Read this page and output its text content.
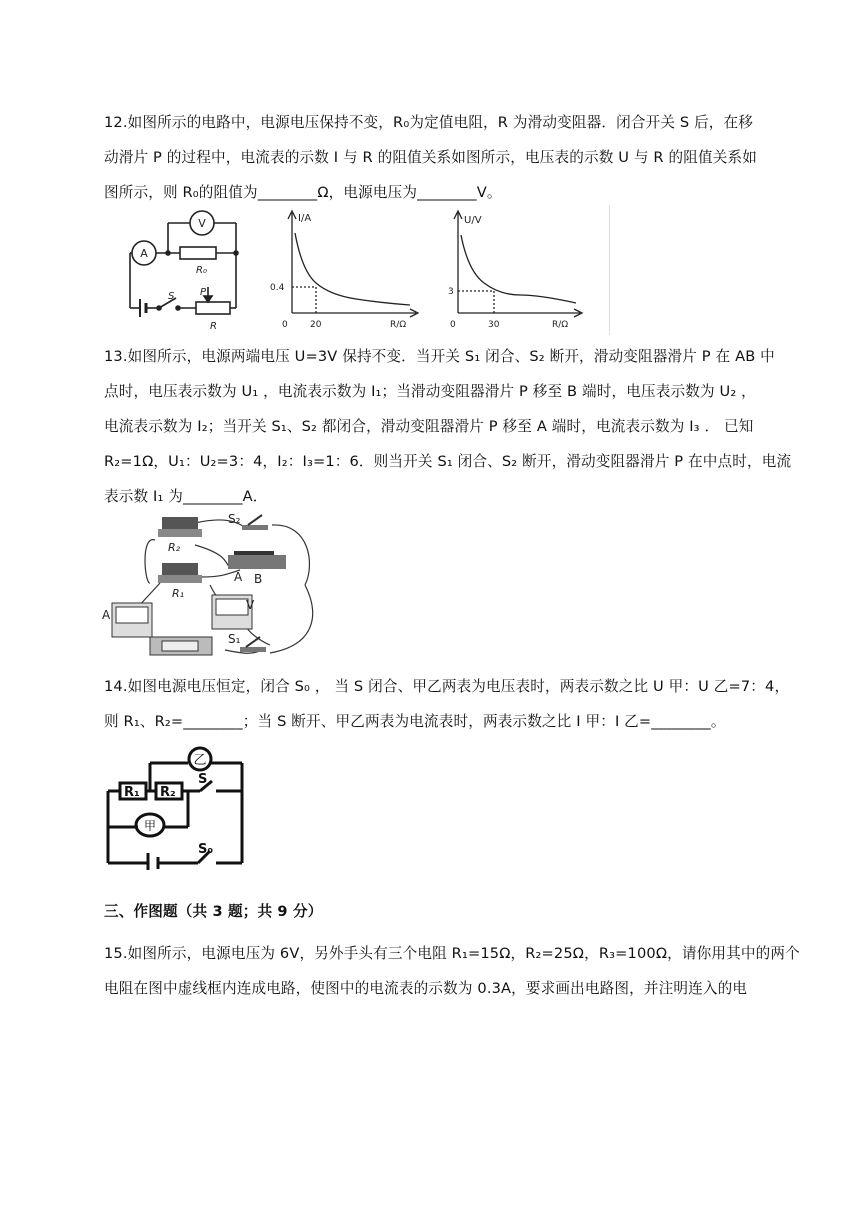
12.如图所示的电路中，电源电压保持不变，R₀为定值电阻，R 为滑动变阻器．闭合开关 S 后，在移
动滑片 P 的过程中，电流表的示数 I 与 R 的阻值关系如图所示，电压表的示数 U 与 R 的阻值关系如
图所示，则 R₀的阻值为________Ω，电源电压为________V。
V
A
R₀
S	P
R
I/A
R/Ω
0 20
0.4
U/V
R/Ω
0	30
3
13.如图所示，电源两端电压 U=3V 保持不变．当开关 S₁ 闭合、S₂ 断开，滑动变阻器滑片 P 在 AB 中
点时，电压表示数为 U₁ ，电流表示数为 I₁；当滑动变阻器滑片 P 移至 B 端时，电压表示数为 U₂ ，
电流表示数为 I₂；当开关 S₁、S₂ 都闭合，滑动变阻器滑片 P 移至 A 端时，电流表示数为 I₃ ． 已知
R₂=1Ω，U₁：U₂=3：4，I₂：I₃=1：6．则当开关 S₁ 闭合、S₂ 断开，滑动变阻器滑片 P 在中点时，电流
表示数 I₁ 为________A．
S₂
R₂
A B
R₁
A
V
S₁
14.如图电源电压恒定，闭合 S₀ ， 当 S 闭合、甲乙两表为电压表时，两表示数之比 U 甲：U 乙=7：4，
则 R₁、R₂=________；当 S 断开、甲乙两表为电流表时，两表示数之比 I 甲：I 乙=________。
乙
甲
R₁ R₂
S
S₀
三、作图题（共 3 题；共 9 分）
15.如图所示，电源电压为 6V，另外手头有三个电阻 R₁=15Ω，R₂=25Ω，R₃=100Ω，请你用其中的两个
电阻在图中虚线框内连成电路，使图中的电流表的示数为 0.3A，要求画出电路图，并注明连入的电
